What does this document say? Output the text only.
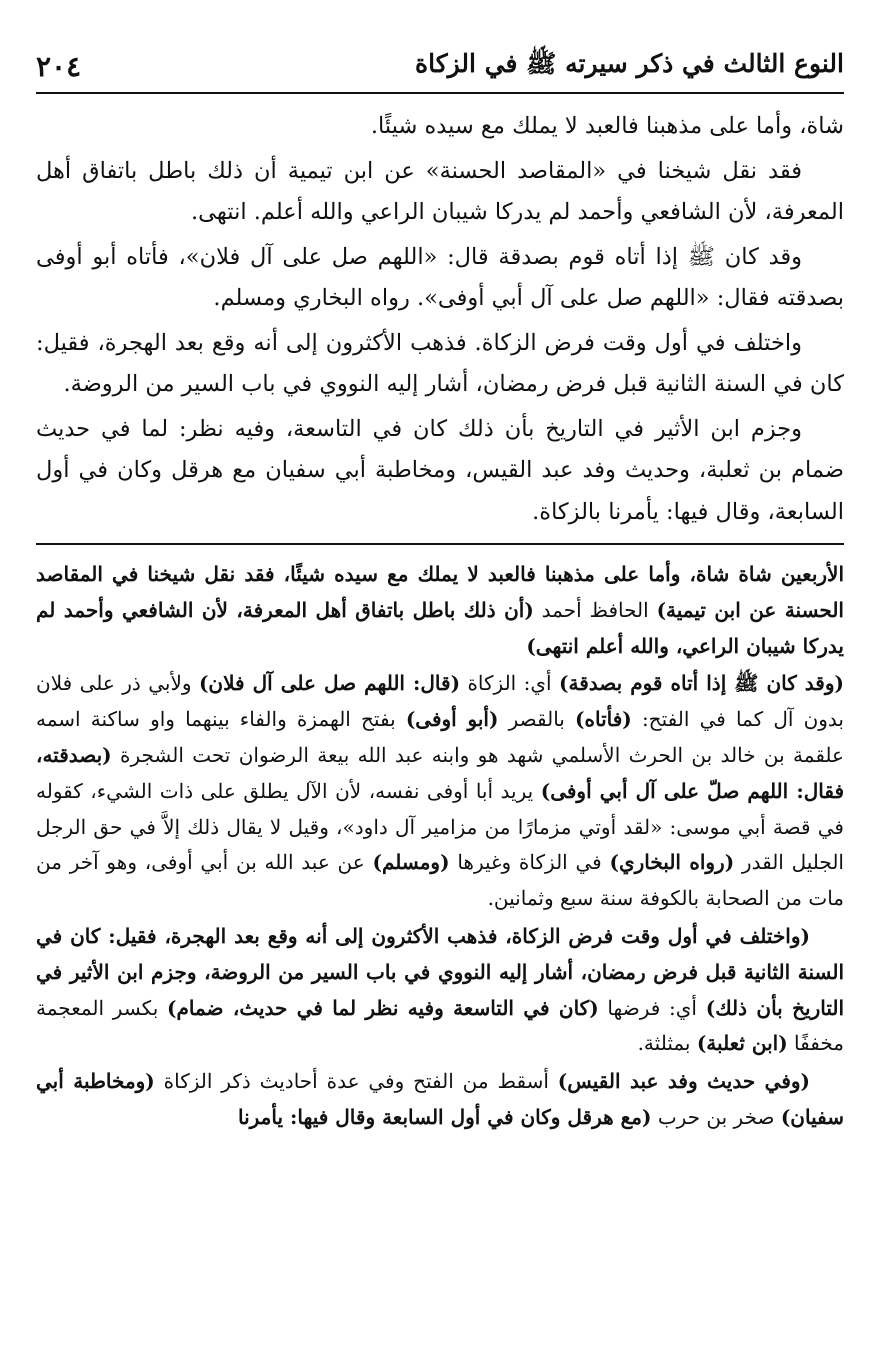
النوع الثالث في ذكر سيرته ﷺ في الزكاة
٢٠٤

شاة، وأما على مذهبنا فالعبد لا يملك مع سيده شيئًا.

فقد نقل شيخنا في «المقاصد الحسنة» عن ابن تيمية أن ذلك باطل باتفاق أهل المعرفة، لأن الشافعي وأحمد لم يدركا شيبان الراعي والله أعلم. انتهى.

وقد كان ﷺ إذا أتاه قوم بصدقة قال: «اللهم صل على آل فلان»، فأتاه أبو أوفى بصدقته فقال: «اللهم صل على آل أبي أوفى». رواه البخاري ومسلم.

واختلف في أول وقت فرض الزكاة. فذهب الأكثرون إلى أنه وقع بعد الهجرة، فقيل: كان في السنة الثانية قبل فرض رمضان، أشار إليه النووي في باب السير من الروضة.

وجزم ابن الأثير في التاريخ بأن ذلك كان في التاسعة، وفيه نظر: لما في حديث ضمام بن ثعلبة، وحديث وفد عبد القيس، ومخاطبة أبي سفيان مع هرقل وكان في أول السابعة، وقال فيها: يأمرنا بالزكاة.

الأربعين شاة شاة، وأما على مذهبنا فالعبد لا يملك مع سيده شيئًا، فقد نقل شيخنا في المقاصد الحسنة عن ابن تيمية) الحافظ أحمد (أن ذلك باطل باتفاق أهل المعرفة، لأن الشافعي وأحمد لم يدركا شيبان الراعي، والله أعلم انتهى)

(وقد كان ﷺ إذا أتاه قوم بصدقة) أي: الزكاة (قال: اللهم صل على آل فلان) ولأبي ذر على فلان بدون آل كما في الفتح: (فأتاه) بالقصر (أبو أوفى) بفتح الهمزة والفاء بينهما واو ساكنة اسمه علقمة بن خالد بن الحرث الأسلمي شهد هو وابنه عبد الله بيعة الرضوان تحت الشجرة (بصدقته، فقال: اللهم صلّ على آل أبي أوفى) يريد أبا أوفى نفسه، لأن الآل يطلق على ذات الشيء، كقوله في قصة أبي موسى: «لقد أوتي مزمارًا من مزامير آل داود»، وقيل لا يقال ذلك إلاَّ في حق الرجل الجليل القدر (رواه البخاري) في الزكاة وغيرها (ومسلم) عن عبد الله بن أبي أوفى، وهو آخر من مات من الصحابة بالكوفة سنة سبع وثمانين.

(واختلف في أول وقت فرض الزكاة، فذهب الأكثرون إلى أنه وقع بعد الهجرة، فقيل: كان في السنة الثانية قبل فرض رمضان، أشار إليه النووي في باب السير من الروضة، وجزم ابن الأثير في التاريخ بأن ذلك) أي: فرضها (كان في التاسعة وفيه نظر لما في حديث، ضمام) بكسر المعجمة مخففًا (ابن ثعلبة) بمثلثة.

(وفي حديث وفد عبد القيس) أسقط من الفتح وفي عدة أحاديث ذكر الزكاة (ومخاطبة أبي سفيان) صخر بن حرب (مع هرقل وكان في أول السابعة وقال فيها: يأمرنا
